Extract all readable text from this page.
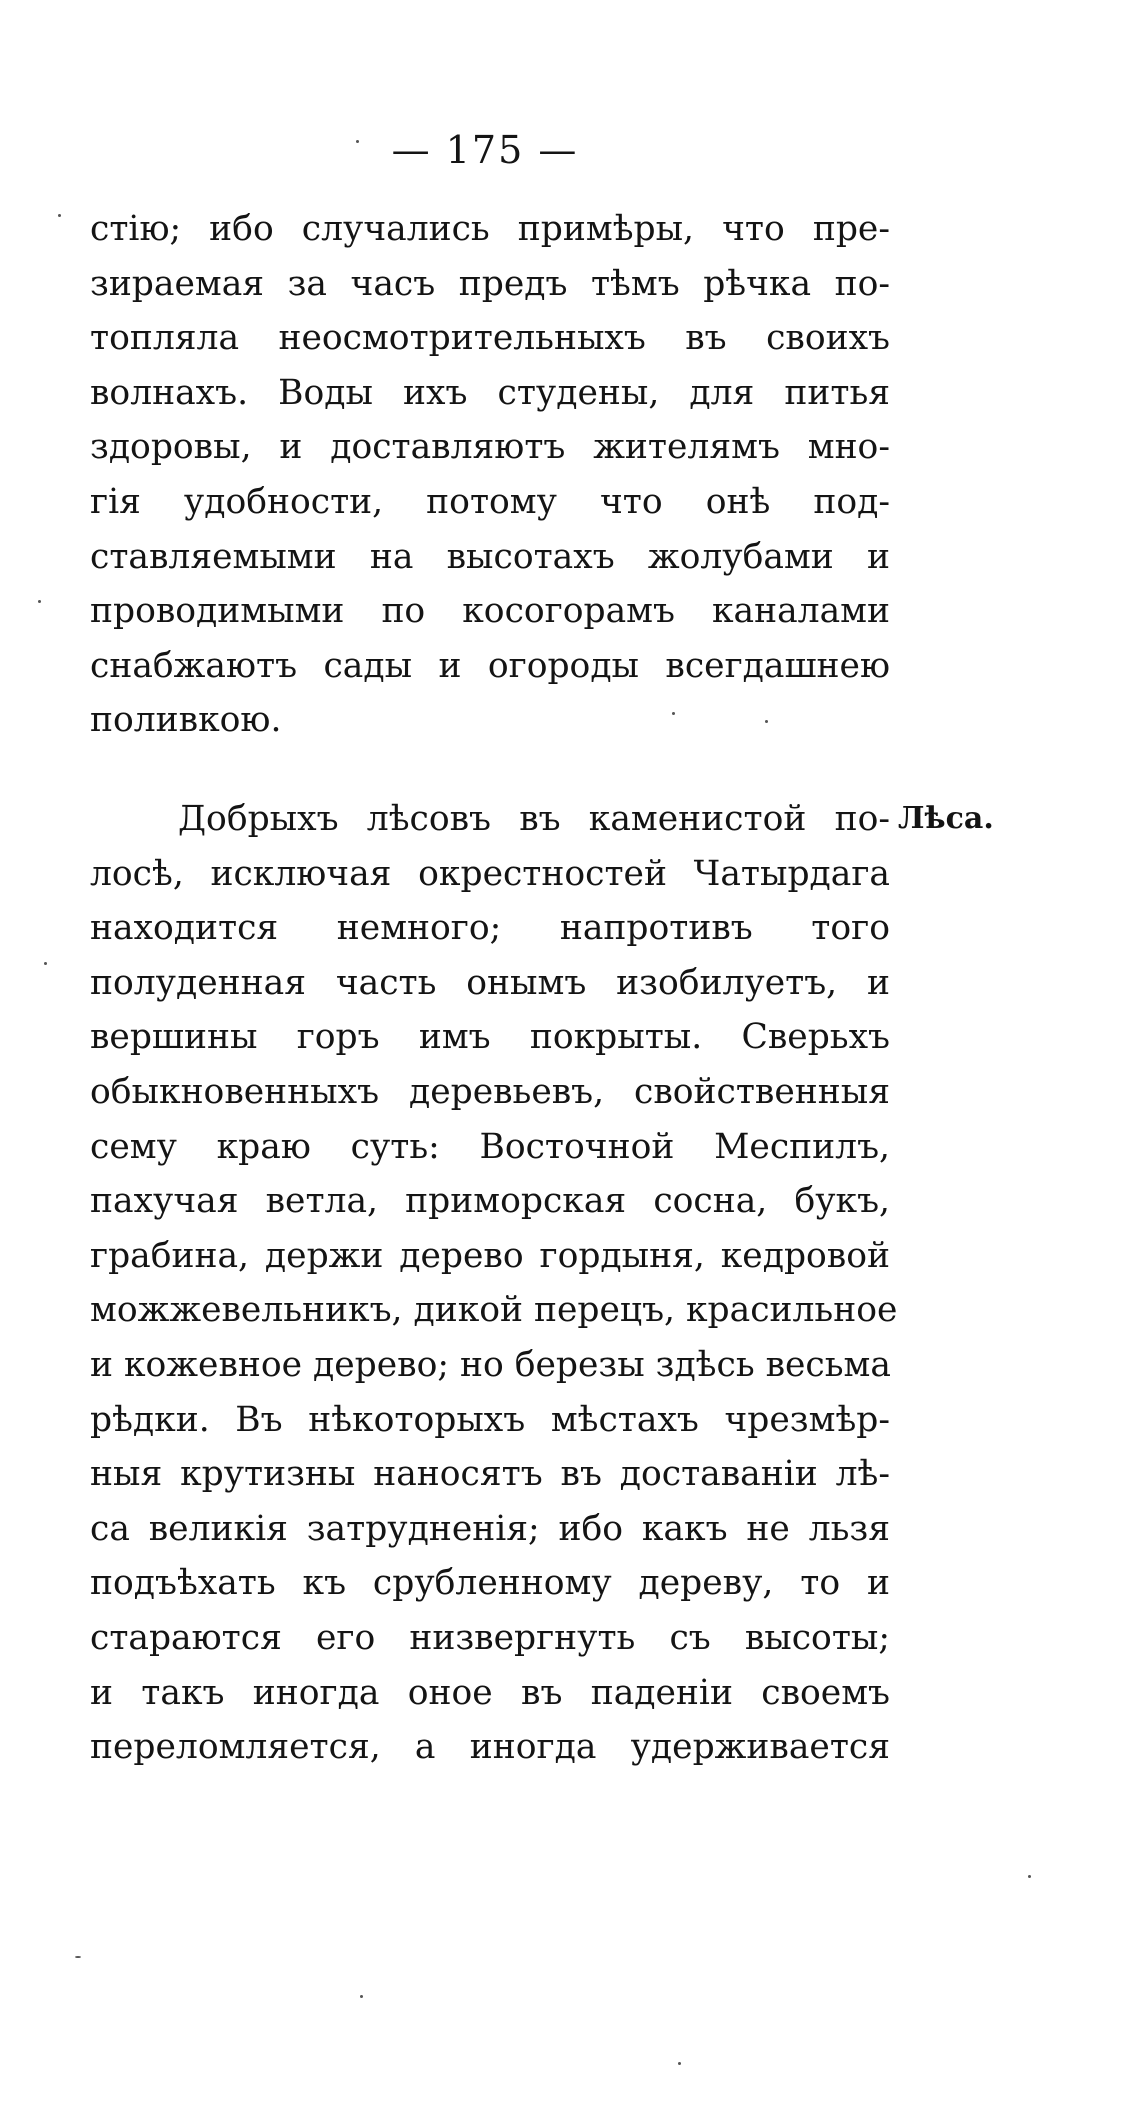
— 175 —
стію; ибо случались примѣры, что пре-
зираемая за часъ предъ тѣмъ рѣчка по-
топляла неосмотрительныхъ въ своихъ
волнахъ. Воды ихъ студены, для питья
здоровы, и доставляютъ жителямъ мно-
гія удобности, потому что онѣ под-
ставляемыми на высотахъ жолубами и
проводимыми по косогорамъ каналами
снабжаютъ сады и огороды всегдашнею
поливкою.
Лѣса.
Добрыхъ лѣсовъ въ каменистой по-
лосѣ, исключая окрестностей Чатырдага
находится немного; напротивъ того
полуденная часть онымъ изобилуетъ, и
вершины горъ имъ покрыты. Сверьхъ
обыкновенныхъ деревьевъ, свойственныя
сему краю суть: Восточной Меспилъ,
пахучая ветла, приморская сосна, букъ,
грабина, держи дерево гордыня, кедровой
можжевельникъ, дикой перецъ, красильное
и кожевное дерево; но березы здѣсь весьма
рѣдки. Въ нѣкоторыхъ мѣстахъ чрезмѣр-
ныя крутизны наносятъ въ доставаніи лѣ-
са великія затрудненія; ибо какъ не льзя
подъѣхать къ срубленному дереву, то и
стараются его низвергнуть съ высоты;
и такъ иногда оное въ паденіи своемъ
переломляется, а иногда удерживается
